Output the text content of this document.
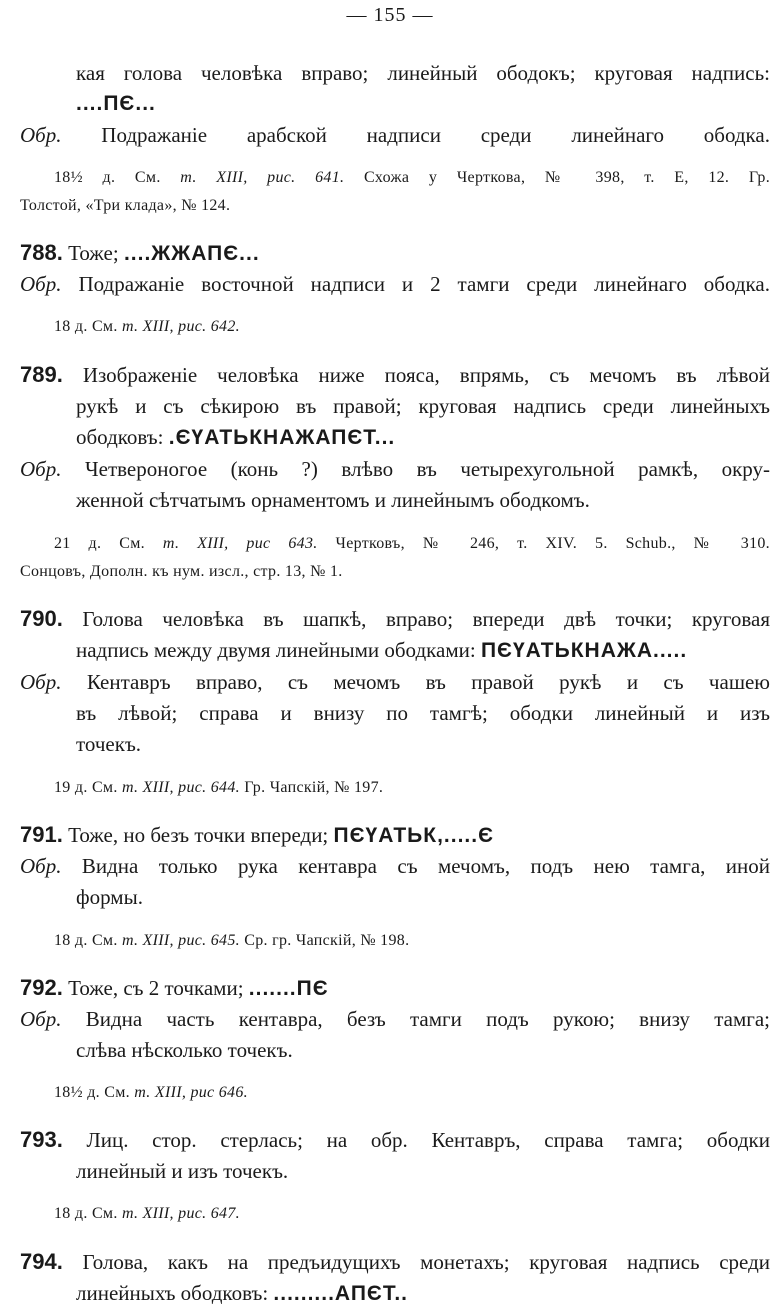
— 155 —
кая голова человѣка вправо; линейный ободокъ; круговая надпись:
....ПЄ...
Обр. Подражаніе арабской надписи среди линейнаго ободка.
18½ д. См. т. XIII, рис. 641. Схожа у Черткова, № 398, т. Е, 12. Гр.
Толстой, «Три клада», № 124.
788. Тоже; ....ЖЖАПЄ...
Обр. Подражаніе восточной надписи и 2 тамги среди линейнаго ободка.
18 д. См. т. XIII, рис. 642.
789. Изображеніе человѣка ниже пояса, впрямь, съ мечомъ въ лѣвой
рукѣ и съ сѣкирою въ правой; круговая надпись среди линейныхъ
ободковъ: .ЄҮАТЬКНАЖАПЄТ...
Обр. Четвероногое (конь ?) влѣво въ четырехугольной рамкѣ, окру-
женной сѣтчатымъ орнаментомъ и линейнымъ ободкомъ.
21 д. См. т. XIII, рис 643. Чертковъ, № 246, т. XIV. 5. Schub., № 310.
Сонцовъ, Дополн. къ нум. изсл., стр. 13, № 1.
790. Голова человѣка въ шапкѣ, вправо; впереди двѣ точки; круговая
надпись между двумя линейными ободками: ПЄҮАТЬКНАЖА.....
Обр. Кентавръ вправо, съ мечомъ въ правой рукѣ и съ чашею
въ лѣвой; справа и внизу по тамгѣ; ободки линейный и изъ
точекъ.
19 д. См. т. XIII, рис. 644. Гр. Чапскій, № 197.
791. Тоже, но безъ точки впереди; ПЄҮАТЬК,.....Є
Обр. Видна только рука кентавра съ мечомъ, подъ нею тамга, иной
формы.
18 д. См. т. XIII, рис. 645. Ср. гр. Чапскій, № 198.
792. Тоже, съ 2 точками; .......ПЄ
Обр. Видна часть кентавра, безъ тамги подъ рукою; внизу тамга;
слѣва нѣсколько точекъ.
18½ д. См. т. XIII, рис 646.
793. Лиц. стор. стерлась; на обр. Кентавръ, справа тамга; ободки
линейный и изъ точекъ.
18 д. См. т. XIII, рис. 647.
794. Голова, какъ на предъидущихъ монетахъ; круговая надпись среди
линейныхъ ободковъ: .........АПЄТ..
